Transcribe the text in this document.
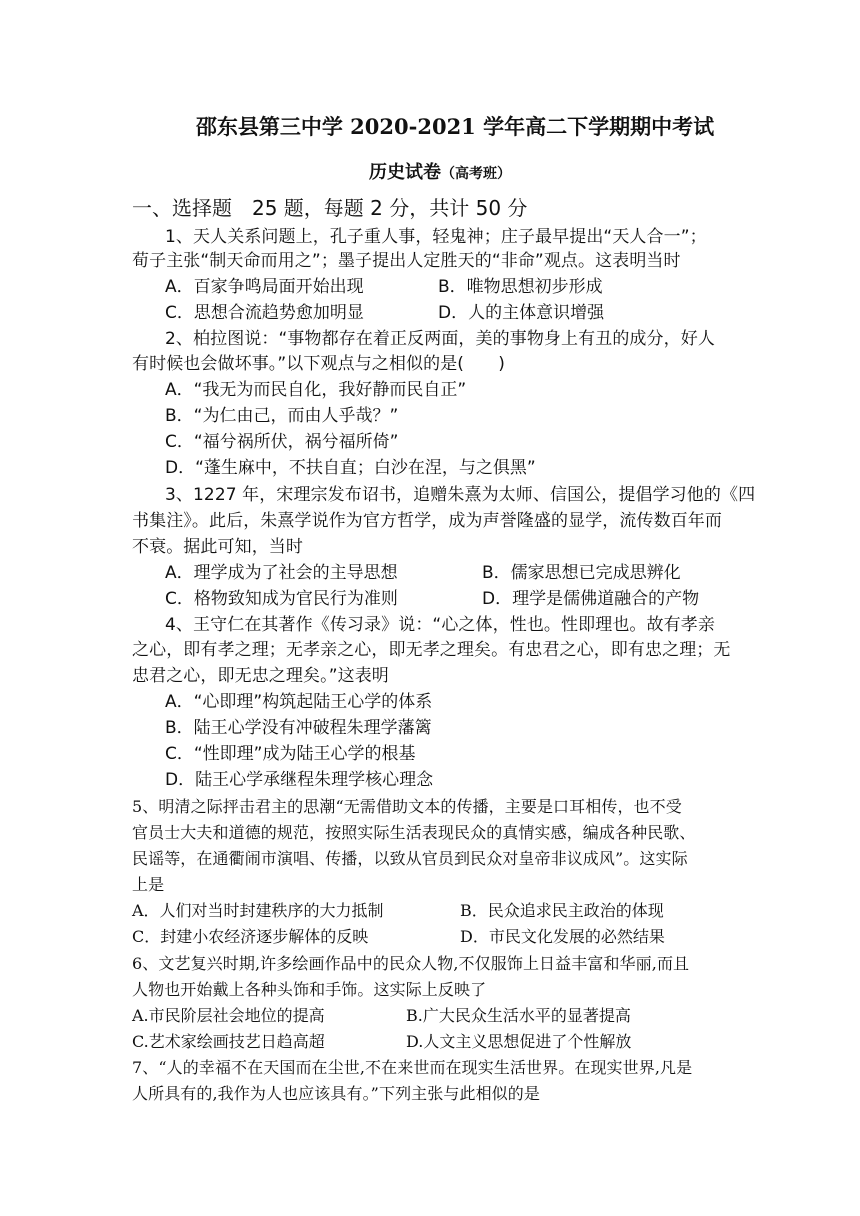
邵东县第三中学 2020-2021 学年高二下学期期中考试
历史试卷（高考班）
一、选择题　25 题，每题 2 分，共计 50 分
1、天人关系问题上，孔子重人事，轻鬼神；庄子最早提出“天人合一”；
荀子主张“制天命而用之”；墨子提出人定胜天的“非命”观点。这表明当时
A．百家争鸣局面开始出现	B．唯物思想初步形成
C．思想合流趋势愈加明显	D．人的主体意识增强
2、柏拉图说：“事物都存在着正反两面，美的事物身上有丑的成分，好人
有时候也会做坏事。”以下观点与之相似的是(　　)
A．“我无为而民自化，我好静而民自正”
B．“为仁由己，而由人乎哉？”
C．“福兮祸所伏，祸兮福所倚”
D．“蓬生麻中，不扶自直；白沙在涅，与之俱黑”
3、1227 年，宋理宗发布诏书，追赠朱熹为太师、信国公，提倡学习他的《四
书集注》。此后，朱熹学说作为官方哲学，成为声誉隆盛的显学，流传数百年而
不衰。据此可知，当时
A．理学成为了社会的主导思想	B．儒家思想已完成思辨化
C．格物致知成为官民行为准则	D．理学是儒佛道融合的产物
4、王守仁在其著作《传习录》说：“心之体，性也。性即理也。故有孝亲
之心，即有孝之理；无孝亲之心，即无孝之理矣。有忠君之心，即有忠之理；无
忠君之心，即无忠之理矣。”这表明
A．“心即理”构筑起陆王心学的体系
B．陆王心学没有冲破程朱理学藩篱
C．“性即理”成为陆王心学的根基
D．陆王心学承继程朱理学核心理念
5、明清之际抨击君主的思潮“无需借助文本的传播，主要是口耳相传，也不受
官员士大夫和道德的规范，按照实际生活表现民众的真情实感，编成各种民歌、
民谣等，在通衢闹市演唱、传播，以致从官员到民众对皇帝非议成风”。这实际
上是
A．人们对当时封建秩序的大力抵制	B．民众追求民主政治的体现
C．封建小农经济逐步解体的反映	D．市民文化发展的必然结果
6、文艺复兴时期,许多绘画作品中的民众人物,不仅服饰上日益丰富和华丽,而且
人物也开始戴上各种头饰和手饰。这实际上反映了
A.市民阶层社会地位的提高	B.广大民众生活水平的显著提高
C.艺术家绘画技艺日趋高超	D.人文主义思想促进了个性解放
7、“人的幸福不在天国而在尘世,不在来世而在现实生活世界。在现实世界,凡是
人所具有的,我作为人也应该具有。”下列主张与此相似的是
